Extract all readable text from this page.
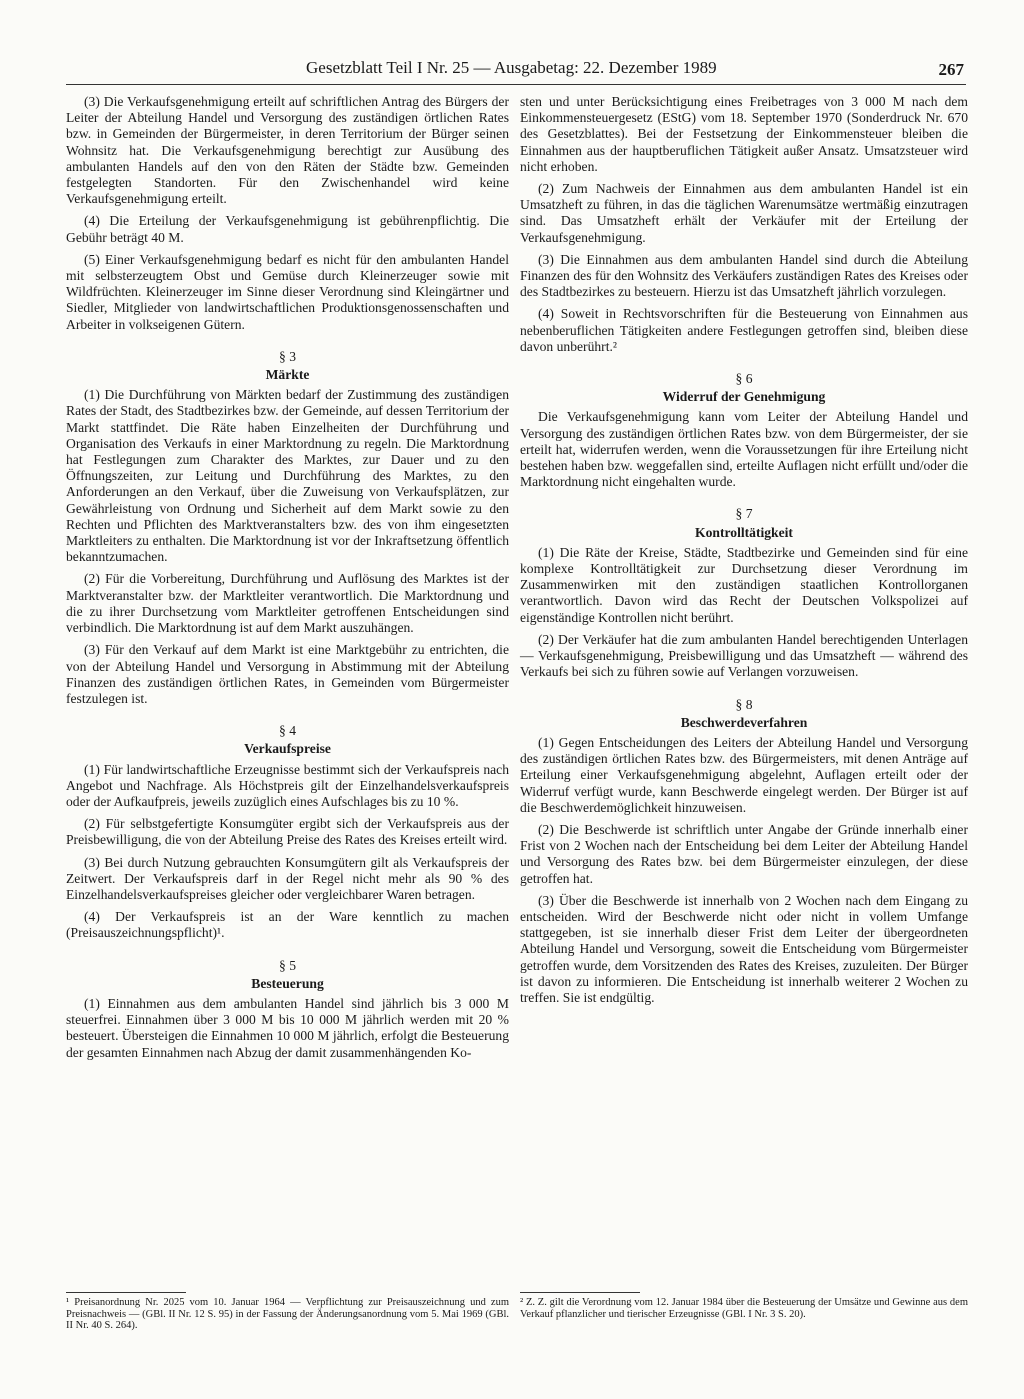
Gesetzblatt Teil I Nr. 25 — Ausgabetag: 22. Dezember 1989	267

(3) Die Verkaufsgenehmigung erteilt auf schriftlichen Antrag des Bürgers der Leiter der Abteilung Handel und Versorgung des zuständigen örtlichen Rates bzw. in Gemeinden der Bürgermeister, in deren Territorium der Bürger seinen Wohnsitz hat. Die Verkaufsgenehmigung berechtigt zur Ausübung des ambulanten Handels auf den von den Räten der Städte bzw. Gemeinden festgelegten Standorten. Für den Zwischenhandel wird keine Verkaufsgenehmigung erteilt.

(4) Die Erteilung der Verkaufsgenehmigung ist gebührenpflichtig. Die Gebühr beträgt 40 M.

(5) Einer Verkaufsgenehmigung bedarf es nicht für den ambulanten Handel mit selbsterzeugtem Obst und Gemüse durch Kleinerzeuger sowie mit Wildfrüchten. Kleinerzeuger im Sinne dieser Verordnung sind Kleingärtner und Siedler, Mitglieder von landwirtschaftlichen Produktionsgenossenschaften und Arbeiter in volkseigenen Gütern.

§ 3
Märkte

(1) Die Durchführung von Märkten bedarf der Zustimmung des zuständigen Rates der Stadt, des Stadtbezirkes bzw. der Gemeinde, auf dessen Territorium der Markt stattfindet. Die Räte haben Einzelheiten der Durchführung und Organisation des Verkaufs in einer Marktordnung zu regeln. Die Marktordnung hat Festlegungen zum Charakter des Marktes, zur Dauer und zu den Öffnungszeiten, zur Leitung und Durchführung des Marktes, zu den Anforderungen an den Verkauf, über die Zuweisung von Verkaufsplätzen, zur Gewährleistung von Ordnung und Sicherheit auf dem Markt sowie zu den Rechten und Pflichten des Marktveranstalters bzw. des von ihm eingesetzten Marktleiters zu enthalten. Die Marktordnung ist vor der Inkraftsetzung öffentlich bekanntzumachen.

(2) Für die Vorbereitung, Durchführung und Auflösung des Marktes ist der Marktveranstalter bzw. der Marktleiter verantwortlich. Die Marktordnung und die zu ihrer Durchsetzung vom Marktleiter getroffenen Entscheidungen sind verbindlich. Die Marktordnung ist auf dem Markt auszuhängen.

(3) Für den Verkauf auf dem Markt ist eine Marktgebühr zu entrichten, die von der Abteilung Handel und Versorgung in Abstimmung mit der Abteilung Finanzen des zuständigen örtlichen Rates, in Gemeinden vom Bürgermeister festzulegen ist.

§ 4
Verkaufspreise

(1) Für landwirtschaftliche Erzeugnisse bestimmt sich der Verkaufspreis nach Angebot und Nachfrage. Als Höchstpreis gilt der Einzelhandelsverkaufspreis oder der Aufkaufpreis, jeweils zuzüglich eines Aufschlages bis zu 10 %.

(2) Für selbstgefertigte Konsumgüter ergibt sich der Verkaufspreis aus der Preisbewilligung, die von der Abteilung Preise des Rates des Kreises erteilt wird.

(3) Bei durch Nutzung gebrauchten Konsumgütern gilt als Verkaufspreis der Zeitwert. Der Verkaufspreis darf in der Regel nicht mehr als 90 % des Einzelhandelsverkaufspreises gleicher oder vergleichbarer Waren betragen.

(4) Der Verkaufspreis ist an der Ware kenntlich zu machen (Preisauszeichnungspflicht)¹.

§ 5
Besteuerung

(1) Einnahmen aus dem ambulanten Handel sind jährlich bis 3 000 M steuerfrei. Einnahmen über 3 000 M bis 10 000 M jährlich werden mit 20 % besteuert. Übersteigen die Einnahmen 10 000 M jährlich, erfolgt die Besteuerung der gesamten Einnahmen nach Abzug der damit zusammenhängenden Ko-

sten und unter Berücksichtigung eines Freibetrages von 3 000 M nach dem Einkommensteuergesetz (EStG) vom 18. September 1970 (Sonderdruck Nr. 670 des Gesetzblattes). Bei der Festsetzung der Einkommensteuer bleiben die Einnahmen aus der hauptberuflichen Tätigkeit außer Ansatz. Umsatzsteuer wird nicht erhoben.

(2) Zum Nachweis der Einnahmen aus dem ambulanten Handel ist ein Umsatzheft zu führen, in das die täglichen Warenumsätze wertmäßig einzutragen sind. Das Umsatzheft erhält der Verkäufer mit der Erteilung der Verkaufsgenehmigung.

(3) Die Einnahmen aus dem ambulanten Handel sind durch die Abteilung Finanzen des für den Wohnsitz des Verkäufers zuständigen Rates des Kreises oder des Stadtbezirkes zu besteuern. Hierzu ist das Umsatzheft jährlich vorzulegen.

(4) Soweit in Rechtsvorschriften für die Besteuerung von Einnahmen aus nebenberuflichen Tätigkeiten andere Festlegungen getroffen sind, bleiben diese davon unberührt.²

§ 6
Widerruf der Genehmigung

Die Verkaufsgenehmigung kann vom Leiter der Abteilung Handel und Versorgung des zuständigen örtlichen Rates bzw. von dem Bürgermeister, der sie erteilt hat, widerrufen werden, wenn die Voraussetzungen für ihre Erteilung nicht bestehen haben bzw. weggefallen sind, erteilte Auflagen nicht erfüllt und/oder die Marktordnung nicht eingehalten wurde.

§ 7
Kontrolltätigkeit

(1) Die Räte der Kreise, Städte, Stadtbezirke und Gemeinden sind für eine komplexe Kontrolltätigkeit zur Durchsetzung dieser Verordnung im Zusammenwirken mit den zuständigen staatlichen Kontrollorganen verantwortlich. Davon wird das Recht der Deutschen Volkspolizei auf eigenständige Kontrollen nicht berührt.

(2) Der Verkäufer hat die zum ambulanten Handel berechtigenden Unterlagen — Verkaufsgenehmigung, Preisbewilligung und das Umsatzheft — während des Verkaufs bei sich zu führen sowie auf Verlangen vorzuweisen.

§ 8
Beschwerdeverfahren

(1) Gegen Entscheidungen des Leiters der Abteilung Handel und Versorgung des zuständigen örtlichen Rates bzw. des Bürgermeisters, mit denen Anträge auf Erteilung einer Verkaufsgenehmigung abgelehnt, Auflagen erteilt oder der Widerruf verfügt wurde, kann Beschwerde eingelegt werden. Der Bürger ist auf die Beschwerdemöglichkeit hinzuweisen.

(2) Die Beschwerde ist schriftlich unter Angabe der Gründe innerhalb einer Frist von 2 Wochen nach der Entscheidung bei dem Leiter der Abteilung Handel und Versorgung des Rates bzw. bei dem Bürgermeister einzulegen, der diese getroffen hat.

(3) Über die Beschwerde ist innerhalb von 2 Wochen nach dem Eingang zu entscheiden. Wird der Beschwerde nicht oder nicht in vollem Umfange stattgegeben, ist sie innerhalb dieser Frist dem Leiter der übergeordneten Abteilung Handel und Versorgung, soweit die Entscheidung vom Bürgermeister getroffen wurde, dem Vorsitzenden des Rates des Kreises, zuzuleiten. Der Bürger ist davon zu informieren. Die Entscheidung ist innerhalb weiterer 2 Wochen zu treffen. Sie ist endgültig.

¹ Preisanordnung Nr. 2025 vom 10. Januar 1964 — Verpflichtung zur Preisauszeichnung und zum Preisnachweis — (GBl. II Nr. 12 S. 95) in der Fassung der Änderungsanordnung vom 5. Mai 1969 (GBl. II Nr. 40 S. 264).

² Z. Z. gilt die Verordnung vom 12. Januar 1984 über die Besteuerung der Umsätze und Gewinne aus dem Verkauf pflanzlicher und tierischer Erzeugnisse (GBl. I Nr. 3 S. 20).
